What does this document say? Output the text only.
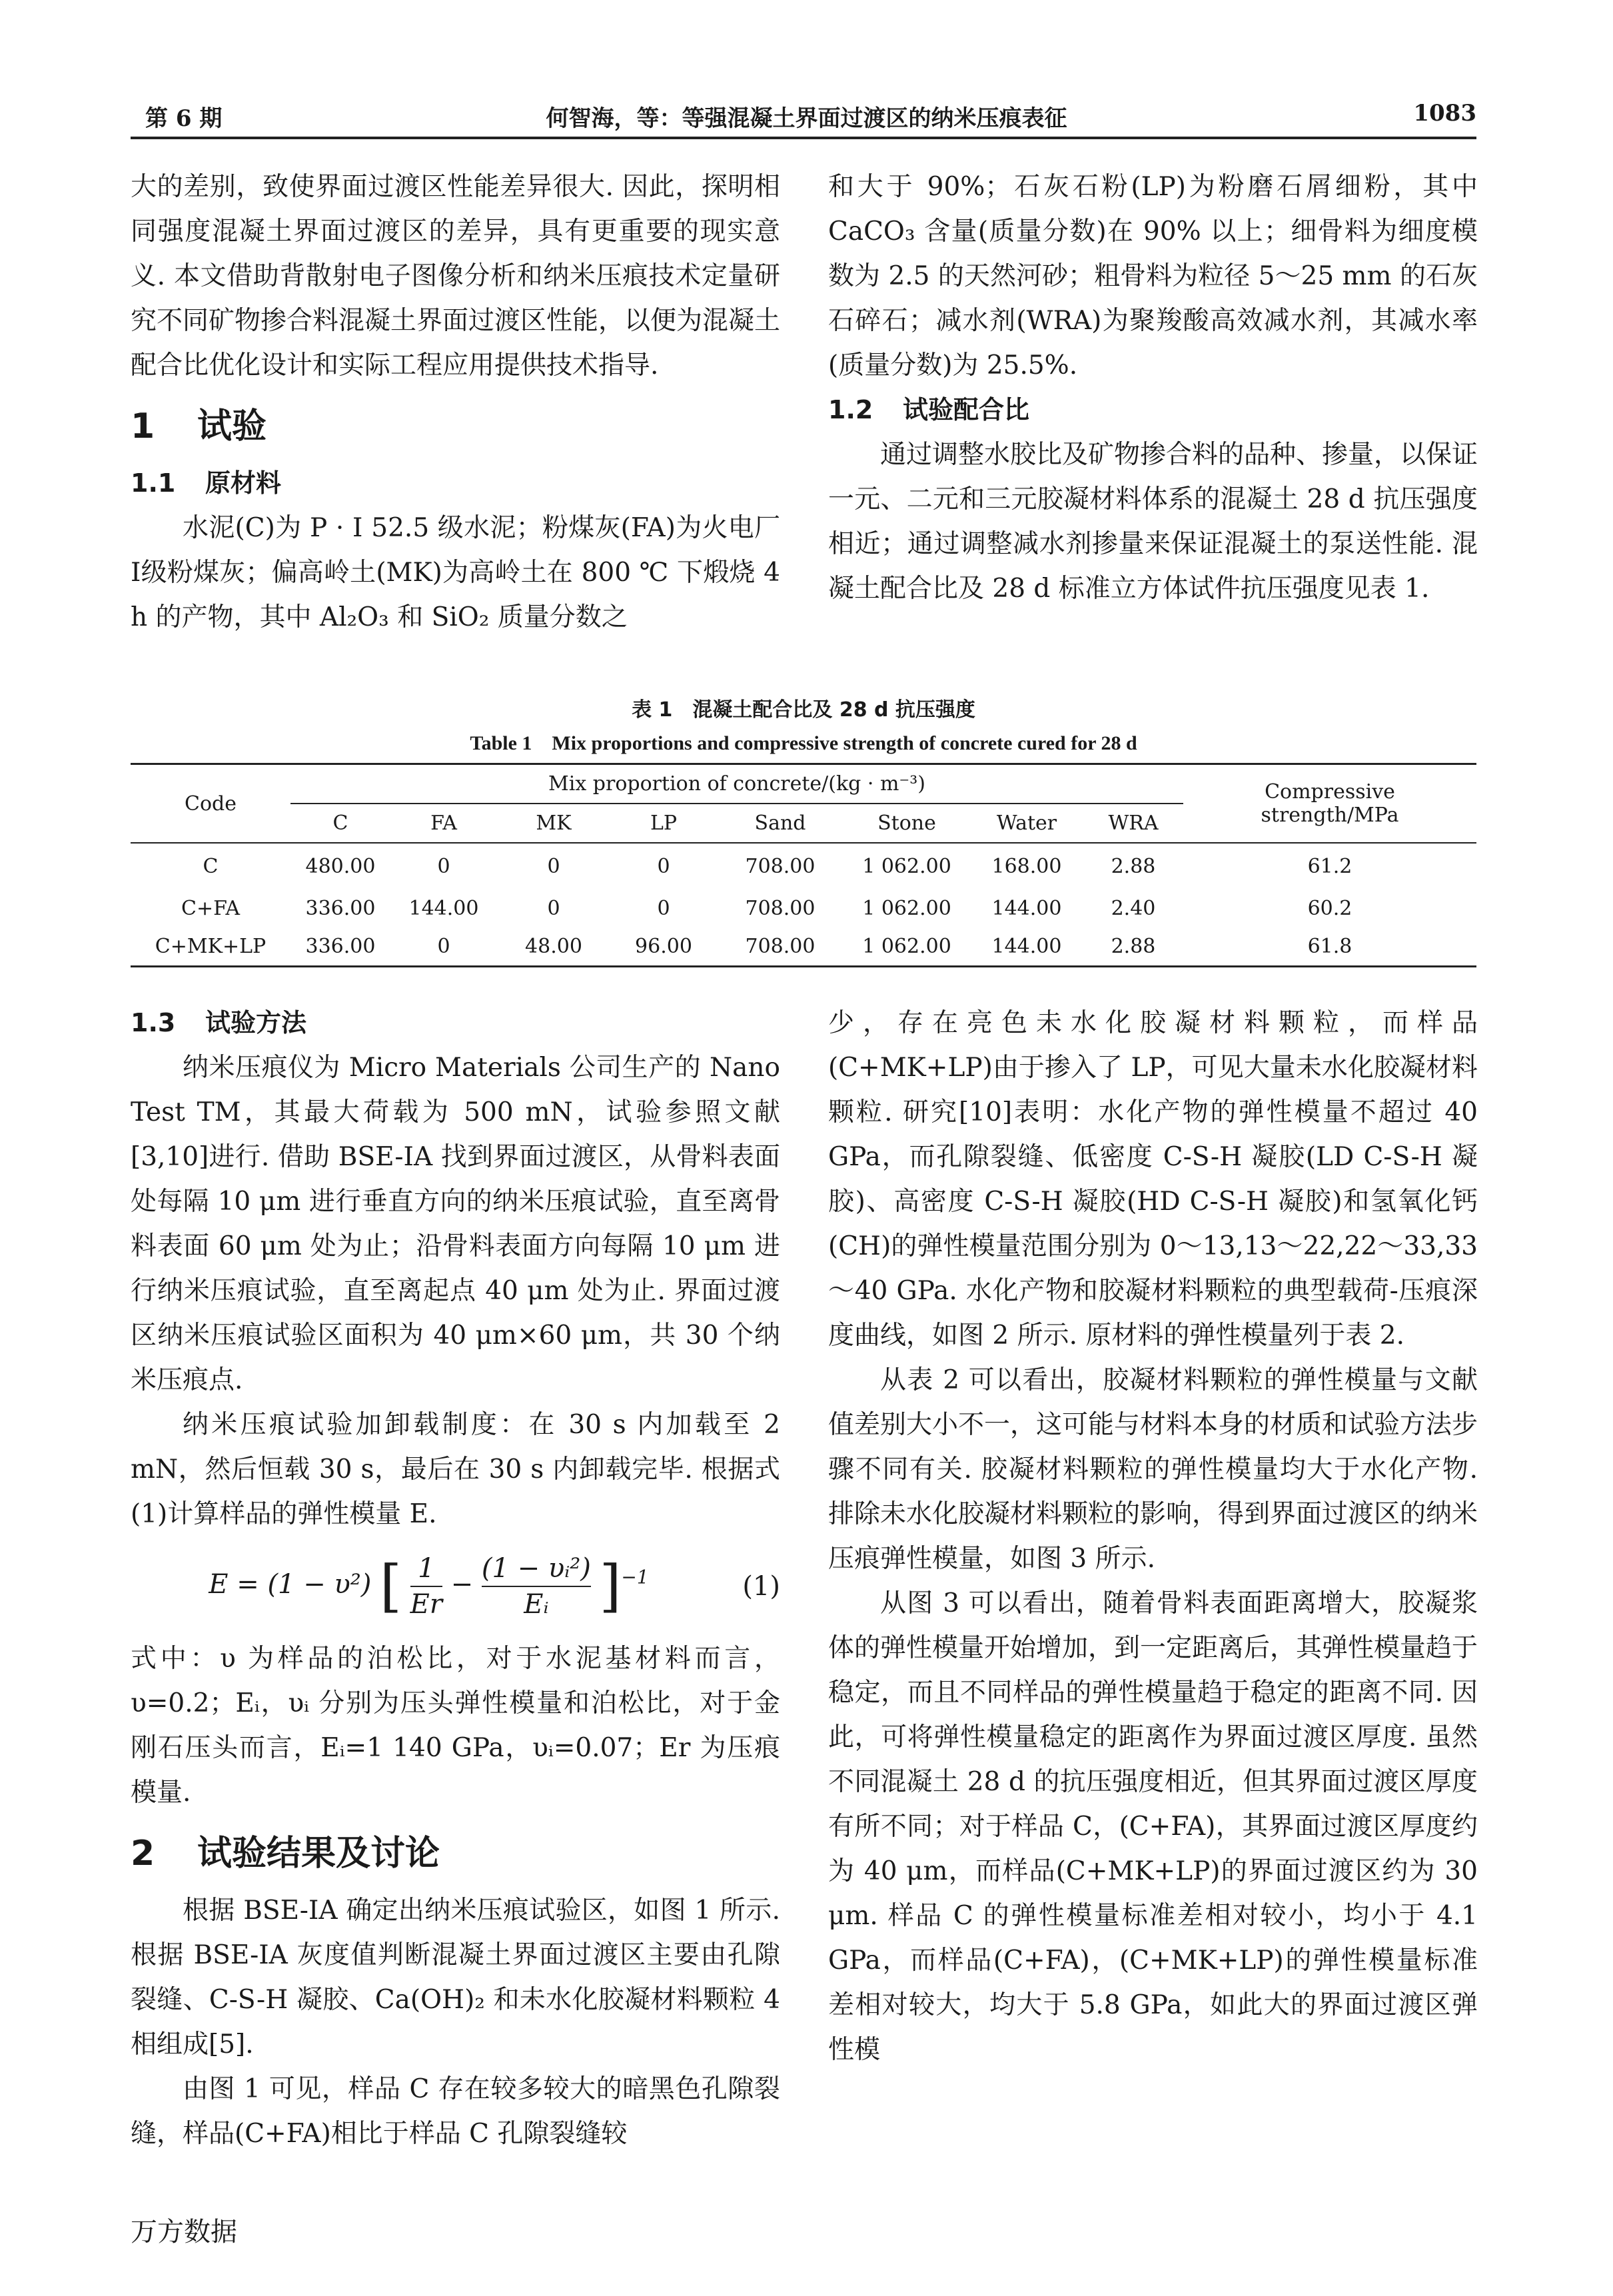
第 6 期	何智海，等：等强混凝土界面过渡区的纳米压痕表征	1083

大的差别，致使界面过渡区性能差异很大. 因此，探明相同强度混凝土界面过渡区的差异，具有更重要的现实意义. 本文借助背散射电子图像分析和纳米压痕技术定量研究不同矿物掺合料混凝土界面过渡区性能，以便为混凝土配合比优化设计和实际工程应用提供技术指导.

1 试验
1.1 原材料

水泥(C)为 P · Ⅰ 52.5 级水泥；粉煤灰(FA)为火电厂Ⅰ级粉煤灰；偏高岭土(MK)为高岭土在 800 ℃ 下煅烧 4 h 的产物，其中 Al₂O₃ 和 SiO₂ 质量分数之

和大于 90%；石灰石粉(LP)为粉磨石屑细粉，其中 CaCO₃ 含量(质量分数)在 90% 以上；细骨料为细度模数为 2.5 的天然河砂；粗骨料为粒径 5～25 mm 的石灰石碎石；减水剂(WRA)为聚羧酸高效减水剂，其减水率(质量分数)为 25.5%.

1.2 试验配合比

通过调整水胶比及矿物掺合料的品种、掺量，以保证一元、二元和三元胶凝材料体系的混凝土 28 d 抗压强度相近；通过调整减水剂掺量来保证混凝土的泵送性能. 混凝土配合比及 28 d 标准立方体试件抗压强度见表 1.

表 1　混凝土配合比及 28 d 抗压强度
Table 1　Mix proportions and compressive strength of concrete cured for 28 d
Code	Mix proportion of concrete/(kg · m⁻³)								Compressive strength/MPa
	C	FA	MK	LP	Sand	Stone	Water	WRA	
C	480.00	0	0	0	708.00	1 062.00	168.00	2.88	61.2
C+FA	336.00	144.00	0	0	708.00	1 062.00	144.00	2.40	60.2
C+MK+LP	336.00	0	48.00	96.00	708.00	1 062.00	144.00	2.88	61.8
1.3 试验方法

纳米压痕仪为 Micro Materials 公司生产的 Nano Test TM，其最大荷载为 500 mN，试验参照文献[3,10]进行. 借助 BSE-IA 找到界面过渡区，从骨料表面处每隔 10 μm 进行垂直方向的纳米压痕试验，直至离骨料表面 60 μm 处为止；沿骨料表面方向每隔 10 μm 进行纳米压痕试验，直至离起点 40 μm 处为止. 界面过渡区纳米压痕试验区面积为 40 μm×60 μm，共 30 个纳米压痕点.

纳米压痕试验加卸载制度：在 30 s 内加载至 2 mN，然后恒载 30 s，最后在 30 s 内卸载完毕. 根据式(1)计算样品的弹性模量 E.

E = (1 − υ²) [ $\frac{1}{Er} - \frac{\text{(1 − υᵢ²)}}{\text{Eᵢ}} ]^{-1}$	(1)

式中：υ 为样品的泊松比，对于水泥基材料而言，υ=0.2；Eᵢ，υᵢ 分别为压头弹性模量和泊松比，对于金刚石压头而言，Eᵢ=1 140 GPa，υᵢ=0.07；Er 为压痕模量.

2 试验结果及讨论

根据 BSE-IA 确定出纳米压痕试验区，如图 1 所示. 根据 BSE-IA 灰度值判断混凝土界面过渡区主要由孔隙裂缝、C-S-H 凝胶、Ca(OH)₂ 和未水化胶凝材料颗粒 4 相组成[5].

由图 1 可见，样品 C 存在较多较大的暗黑色孔隙裂缝，样品(C+FA)相比于样品 C 孔隙裂缝较

少，存在亮色未水化胶凝材料颗粒，而样品(C+MK+LP)由于掺入了 LP，可见大量未水化胶凝材料颗粒. 研究[10]表明：水化产物的弹性模量不超过 40 GPa，而孔隙裂缝、低密度 C-S-H 凝胶(LD C-S-H 凝胶)、高密度 C-S-H 凝胶(HD C-S-H 凝胶)和氢氧化钙(CH)的弹性模量范围分别为 0～13,13～22,22～33,33～40 GPa. 水化产物和胶凝材料颗粒的典型载荷-压痕深度曲线，如图 2 所示. 原材料的弹性模量列于表 2.

从表 2 可以看出，胶凝材料颗粒的弹性模量与文献值差别大小不一，这可能与材料本身的材质和试验方法步骤不同有关. 胶凝材料颗粒的弹性模量均大于水化产物. 排除未水化胶凝材料颗粒的影响，得到界面过渡区的纳米压痕弹性模量，如图 3 所示.

从图 3 可以看出，随着骨料表面距离增大，胶凝浆体的弹性模量开始增加，到一定距离后，其弹性模量趋于稳定，而且不同样品的弹性模量趋于稳定的距离不同. 因此，可将弹性模量稳定的距离作为界面过渡区厚度. 虽然不同混凝土 28 d 的抗压强度相近，但其界面过渡区厚度有所不同；对于样品 C，(C+FA)，其界面过渡区厚度约为 40 μm，而样品(C+MK+LP)的界面过渡区约为 30 μm. 样品 C 的弹性模量标准差相对较小，均小于 4.1 GPa，而样品(C+FA)，(C+MK+LP)的弹性模量标准差相对较大，均大于 5.8 GPa，如此大的界面过渡区弹性模

万方数据
